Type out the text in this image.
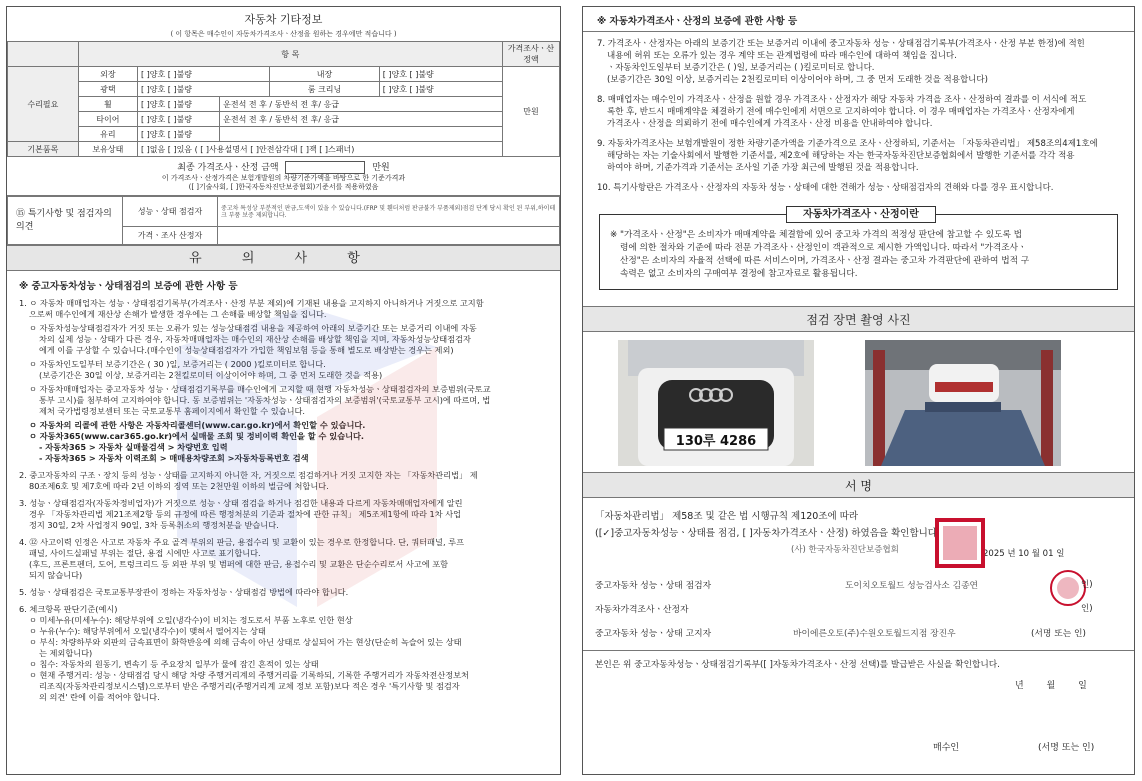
자동차 기타정보
( 이 항목은 매수인이 자동차가격조사ㆍ산정을 원하는 경우에만 적습니다 )
	항 목					가격조사ㆍ산정액
수리필요	외장	[ ]양호 [ ]불량		내장	[ ]양호 [ ]불량	만원
	광택	[ ]양호 [ ]불량		룸 크리닝	[ ]양호 [ ]불량	
	휠	[ ]양호 [ ]불량	운전석 전 후 / 동반석 전 후/ 응급			
	타이어	[ ]양호 [ ]불량	운전석 전 후 / 동반석 전 후/ 응급			
	유리	[ ]양호 [ ]불량				
기본품목	보유상태	[ ]없음 [ ]있음 ( [ ]사용설명서 [ ]안전삼각대 [ ]잭 [ ]스패너)				
최종 가격조사ㆍ산정 금액	만원
이 가격조사ㆍ산정가격은 보험개발원의 차량기준가액을 바탕으로 한 기준가격과
([ ]기술사회, [ ]한국자동차진단보증협회)기준서를 적용하였음
⑮ 특기사항 및 점검자의 의견	성능ㆍ상태 점검자	중고차 특성상 부분적인 판금,도색이 있을 수 있습니다.(FRP 및 휀더처럼 판금불가 부품제외)점검 단계 당시 확인 된 부위,하이테크 부품 보증 제외합니다.
	가격ㆍ조사 산정자	
유 의 사 항

※ 중고자동차성능ㆍ상태점검의 보증에 관한 사항 등

1. ㅇ 자동차 매매업자는 성능ㆍ상태점검기록부(가격조사ㆍ산정 부분 제외)에 기재된 내용을 고지하지 아니하거나 거짓으로 고지함

으로써 매수인에게 재산상 손해가 발생한 경우에는 그 손해를 배상할 책임을 집니다.

ㅇ 자동차성능상태점검자가 거짓 또는 오류가 있는 성능상태점검 내용을 제공하여 아래의 보증기간 또는 보증거리 이내에 자동

차의 실제 성능ㆍ상태가 다른 경우, 자동차매매업자는 매수인의 재산상 손해를 배상할 책임을 지며, 자동차성능상태점검자

에게 이를 구상할 수 있습니다.(매수인이 성능상태점검자가 가입한 책임보험 등을 통해 별도로 배상받는 경우는 제외)

ㅇ 자동차인도일부터 보증기간은 ( 30 )일, 보증거리는 ( 2000 )킬로미터로 합니다.

(보증기간은 30일 이상, 보증거리는 2천킬로미터 이상이어야 하며, 그 중 먼저 도래한 것을 적용)

ㅇ 자동차매매업자는 중고자동차 성능ㆍ상태점검기록부를 매수인에게 고지할 때 현행 자동차성능ㆍ상태점검자의 보증범위(국토교

통부 고시)를 첨부하여 고지하여야 합니다. 동 보증범위는 '자동차성능ㆍ상태점검자의 보증범위'(국토교통부 고시)에 따르며, 법

제처 국가법령정보센터 또는 국토교통부 홈페이지에서 확인할 수 있습니다.

ㅇ 자동차의 리콜에 관한 사항은 자동차리콜센터(www.car.go.kr)에서 확인할 수 있습니다.

ㅇ 자동차365(www.car365.go.kr)에서 실매물 조회 및 정비이력 확인을 할 수 있습니다.

- 자동차365 > 자동차 실매물검색 > 차량번호 입력

- 자동차365 > 자동차 이력조회 > 매매용차량조회 >자동차등록번호 검색

2. 중고자동차의 구조ㆍ장치 등의 성능ㆍ상태를 고지하지 아니한 자, 거짓으로 점검하거나 거짓 고지한 자는 「자동차관리법」 제

80조제6호 및 제7호에 따라 2년 이하의 징역 또는 2천만원 이하의 벌금에 처합니다.

3. 성능ㆍ상태점검자(자동차정비업자)가 거짓으로 성능ㆍ상태 점검을 하거나 점검한 내용과 다르게 자동차매매업자에게 알린

경우 「자동차관리법 제21조제2항 등의 규정에 따른 행정처분의 기준과 절차에 관한 규칙」 제5조제1항에 따라 1차 사업

정지 30일, 2차 사업정지 90일, 3차 등록취소의 행정처분을 받습니다.

4. ⑫ 사고이력 인정은 사고로 자동차 주요 골격 부위의 판금, 용접수리 및 교환이 있는 경우로 한정합니다. 단, 쿼터패널, 루프

패널, 사이드실패널 부위는 절단, 용접 시에만 사고로 표기합니다.

(후드, 프론트펜더, 도어, 트렁크리드 등 외판 부위 및 범퍼에 대한 판금, 용접수리 및 교환은 단순수리로서 사고에 포함

되지 않습니다)

5. 성능ㆍ상태점검은 국토교통부장관이 정하는 자동차성능ㆍ상태점검 방법에 따라야 합니다.

6. 체크항목 판단기준(예시)

ㅇ 미세누유(미세누수): 해당부위에 오일(냉각수)이 비치는 정도로서 부품 노후로 인한 현상

ㅇ 누유(누수): 해당부위에서 오일(냉각수)이 맺혀서 떨어지는 상태

ㅇ 부식: 차량하부와 외판의 금속표면이 화학반응에 의해 금속이 아닌 상태로 상실되어 가는 현상(단순히 녹슬어 있는 상태

는 제외합니다)

ㅇ 침수: 자동차의 원동기, 변속기 등 주요장치 일부가 물에 잠긴 흔적이 있는 상태

ㅇ 현재 주행거리: 성능ㆍ상태점검 당시 해당 차량 주행거리계의 주행거리를 기록하되, 기록한 주행거리가 자동차전산정보처

리조직(자동차관리정보시스템)으로부터 받은 주행거리(주행거리계 교체 정보 포함)보다 적은 경우 '특기사항 및 점검자

의 의견' 란에 이를 적어야 합니다.

※ 자동차가격조사ㆍ산정의 보증에 관한 사항 등

7. 가격조사ㆍ산정자는 아래의 보증기간 또는 보증거리 이내에 중고자동차 성능ㆍ상태점검기록부(가격조사ㆍ산정 부분 한정)에 적힌

내용에 허위 또는 오류가 있는 경우 계약 또는 관계법령에 따라 매수인에 대하여 책임을 집니다.

ㆍ자동차인도일부터 보증기간은 ( )일, 보증거리는 ( )킬로미터로 합니다.

(보증기간은 30일 이상, 보증거리는 2천킬로미터 이상이어야 하며, 그 중 먼저 도래한 것을 적용합니다)

8. 매매업자는 매수인이 가격조사ㆍ산정을 원할 경우 가격조사ㆍ산정자가 해당 자동차 가격을 조사ㆍ산정하여 결과를 이 서식에 적도

록한 후, 반드시 매매계약을 체결하기 전에 매수인에게 서면으로 고지하여야 합니다. 이 경우 매매업자는 가격조사ㆍ산정자에게

가격조사ㆍ산정을 의뢰하기 전에 매수인에게 가격조사ㆍ산정 비용을 안내하여야 합니다.

9. 자동차가격조사는 보험개발원이 정한 차량기준가액을 기준가격으로 조사ㆍ산정하되, 기준서는 「자동차관리법」 제58조의4제1호에

해당하는 자는 기술사회에서 발행한 기준서를, 제2호에 해당하는 자는 한국자동차진단보증협회에서 발행한 기준서를 각각 적용

하여야 하며, 기준가격과 기준서는 조사일 기준 가장 최근에 발행된 것을 적용합니다.

10. 특기사항란은 가격조사ㆍ산정자의 자동차 성능ㆍ상태에 대한 견해가 성능ㆍ상태점검자의 견해와 다를 경우 표시합니다.

자동차가격조사ㆍ산정이란

※ "가격조사ㆍ산정"은 소비자가 매매계약을 체결함에 있어 중고차 가격의 적정성 판단에 참고할 수 있도록 법

령에 의한 절차와 기준에 따라 전문 가격조사ㆍ산정인이 객관적으로 제시한 가액입니다. 따라서 "가격조사ㆍ

산정"은 소비자의 자율적 선택에 따른 서비스이며, 가격조사ㆍ산정 결과는 중고차 가격판단에 관하여 법적 구

속력은 없고 소비자의 구매여부 결정에 참고자료로 활용됩니다.

점검 장면 촬영 사진
130루 4286
서 명
「자동차관리법」 제58조 및 같은 법 시행규칙 제120조에 따라
([✓]중고자동차성능ㆍ상태를 점검, [ ]자동차가격조사ㆍ산정) 하였음을 확인합니다.
(사) 한국자동차진단보증협회	2025 년 10 월 01 일
중고자동차 성능ㆍ상태 점검자	도이치오토월드 성능검사소 김종연	인)
자동차가격조사ㆍ산정자	인)
중고자동차 성능ㆍ상태 고지자	바이에른오토(주)수원오토월드지점 장진우	(서명 또는 인)
본인은 위 중고자동차성능ㆍ상태점검기록부([ ]자동차가격조사ㆍ산정 선택)를 발급받은 사실을 확인합니다.
년 월 일
매수인	(서명 또는 인)
